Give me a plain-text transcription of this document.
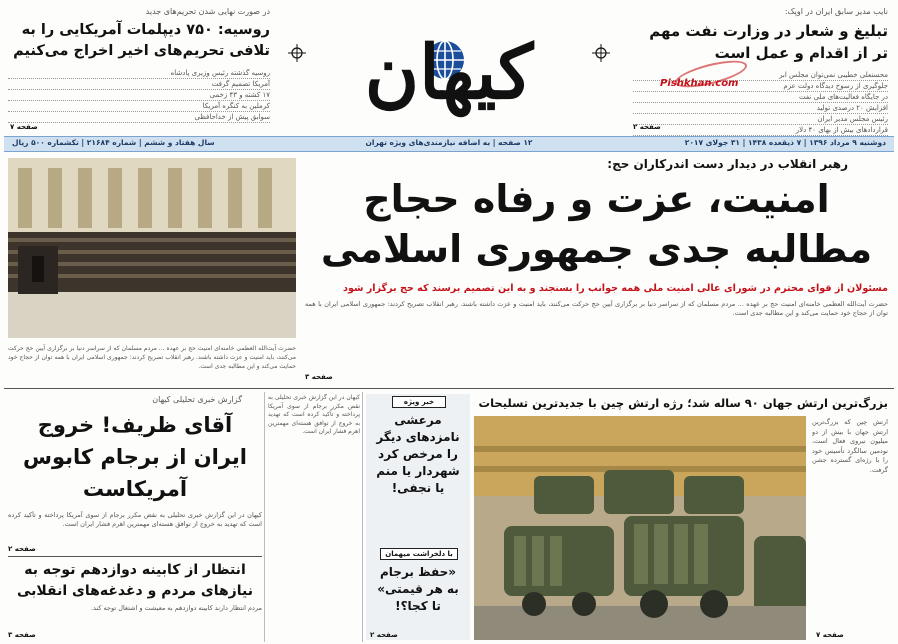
نایب مدیر سابق ایران در اوپک:
تبلیغ و شعار در وزارت نفت مهم تر از اقدام و عمل است
محسنعلی خطیبی نمی‌توان مجلس ابر
جلوگیری از رسوخ دیدگاه دولت عزم
در جایگاه فعالیت‌های ملی نفت
افزایش ۲۰ درصدی تولید
رئیس مجلس مدیر ایران
قراردادهای بیش از بهای ۴۰ دلار
صفحه ۲
در صورت نهایی شدن تحریم‌های جدید
روسیه: ۷۵۰ دیپلمات آمریکایی را به تلافی تحریم‌های اخیر اخراج می‌کنیم
روسیه گذشته رئیس وزیری پادشاه
آمریکا تصمیم گرفت
۱۷ کشته و ۴۳ زخمی
کرملین به کنگره آمریکا
سوابق پیش از خداحافظی
صفحه ۷
کیهان	Pishkhan.com
دوشنبه ۹ مرداد ۱۳۹۶ | ۷ ذیقعده ۱۴۳۸ | ۳۱ جولای ۲۰۱۷
۱۲ صفحه | به اضافه نیازمندی‌های ویژه تهران
سال هفتاد و ششم | شماره ۲۱۶۸۴ | تکشماره ۵۰۰ ریال
رهبر انقلاب در دیدار دست اندرکاران حج:
امنیت، عزت و رفاه حجاج
مطالبه جدی جمهوری اسلامی
مسئولان از قوای محترم در شورای عالی امنیت ملی همه جوانب را بسنجند و به این تصمیم برسند که حج برگزار شود
حضرت آیت‌الله العظمی خامنه‌ای امنیت حج بر عهده ... مردم مسلمان که از سراسر دنیا بر برگزاری آیین حج حرکت می‌کنند، باید امنیت و عزت داشته باشند. رهبر انقلاب تصریح کردند: جمهوری اسلامی ایران با همه توان از حجاج خود حمایت می‌کند و این مطالبه جدی است.
صفحه ۳
حضرت آیت‌الله العظمی خامنه‌ای امنیت حج بر عهده ... مردم مسلمان که از سراسر دنیا بر برگزاری آیین حج حرکت می‌کنند، باید امنیت و عزت داشته باشند. رهبر انقلاب تصریح کردند: جمهوری اسلامی ایران با همه توان از حجاج خود حمایت می‌کند و این مطالبه جدی است.
گزارش خبری تحلیلی کیهان
آقای ظریف! خروج ایران از برجام کابوس آمریکاست
کیهان در این گزارش خبری تحلیلی به نقض مکرر برجام از سوی آمریکا پرداخته و تأکید کرده است که تهدید به خروج از توافق هسته‌ای مهمترین اهرم فشار ایران است.
صفحه ۲
انتظار از کابینه دوازدهم توجه به نیازهای مردم و دغدغه‌های انقلابی
مردم انتظار دارند کابینه دوازدهم به معیشت و اشتغال توجه کند.
صفحه ۳
کیهان در این گزارش خبری تحلیلی به نقض مکرر برجام از سوی آمریکا پرداخته و تأکید کرده است که تهدید به خروج از توافق هسته‌ای مهمترین اهرم فشار ایران است.
خبر ویژه
مرعشی نامزدهای دیگر را مرخص کرد شهردار یا منم یا نجفی!
با دلخراشت میهمان
«حفظ برجام به هر قیمتی» تا کجا؟!
صفحه ۲
بزرگ‌ترین ارتش جهان ۹۰ ساله شد؛ رژه ارتش چین با جدیدترین تسلیحات
ارتش چین که بزرگ‌ترین ارتش جهان با بیش از دو میلیون نیروی فعال است، نودمین سالگرد تأسیس خود را با رژه‌ای گسترده جشن گرفت.
صفحه ۷
